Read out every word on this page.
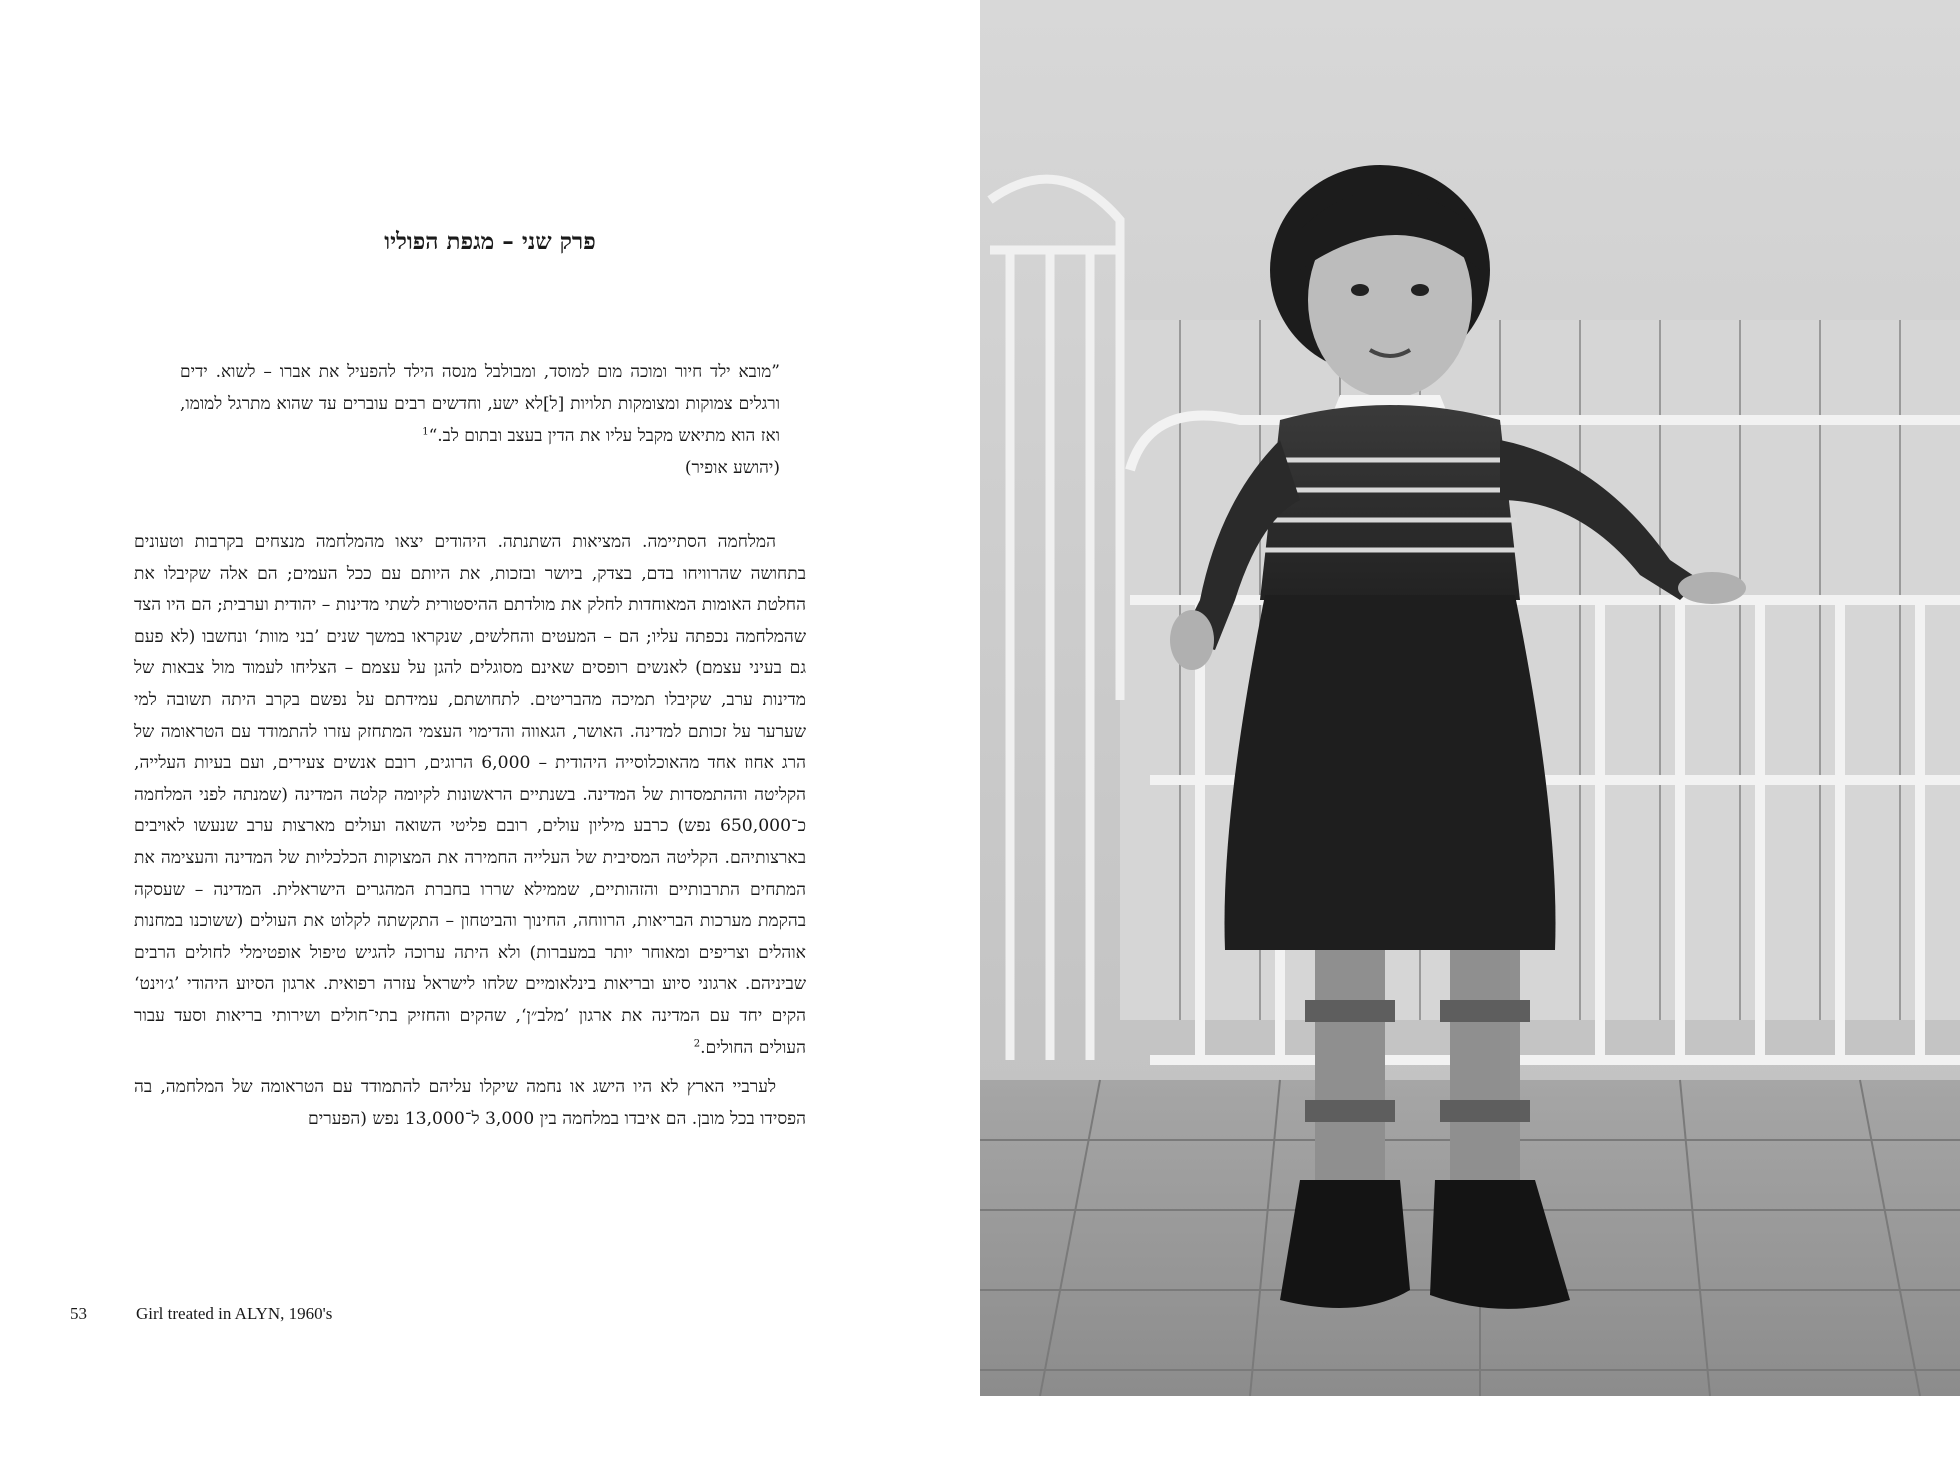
פרק שני – מגפת הפוליו

”מובא ילד חיור ומוכה מום למוסד, ומבולבל מנסה הילד להפעיל את אברו – לשוא. ידים ורגלים צמוקות ומצומקות תלויות [ל]לא ישע, וחדשים רבים עוברים עד שהוא מתרגל למומו, ואז הוא מתיאש מקבל עליו את הדין בעצב ובתום לב.“$^1$

(יהושע אופיר)

המלחמה הסתיימה. המציאות השתנתה. היהודים יצאו מהמלחמה מנצחים בקרבות וטעונים בתחושה שהרוויחו בדם, בצדק, ביושר ובזכות, את היותם עם ככל העמים; הם אלה שקיבלו את החלטת האומות המאוחדות לחלק את מולדתם ההיסטורית לשתי מדינות – יהודית וערבית; הם היו הצד שהמלחמה נכפתה עליו; הם – המעטים והחלשים, שנקראו במשך שנים ’בני מוות‘ ונחשבו (לא פעם גם בעיני עצמם) לאנשים רופסים שאינם מסוגלים להגן על עצמם – הצליחו לעמוד מול צבאות של מדינות ערב, שקיבלו תמיכה מהבריטים. לתחושתם, עמידתם על נפשם בקרב היתה תשובה למי שערער על זכותם למדינה. האושר, הגאווה והדימוי העצמי המתחזק עזרו להתמודד עם הטראומה של הרג אחוז אחד מהאוכלוסייה היהודית – 6,000 הרוגים, רובם אנשים צעירים, ועם בעיות העלייה, הקליטה וההתמסדות של המדינה. בשנתיים הראשונות לקיומה קלטה המדינה (שמנתה לפני המלחמה כ־650,000 נפש) כרבע מיליון עולים, רובם פליטי השואה ועולים מארצות ערב שנעשו לאויבים בארצותיהם. הקליטה המסיבית של העלייה החמירה את המצוקות הכלכליות של המדינה והעצימה את המתחים התרבותיים והזהותיים, שממילא שררו בחברת המהגרים הישראלית. המדינה – שעסקה בהקמת מערכות הבריאות, הרווחה, החינוך והביטחון – התקשתה לקלוט את העולים (ששוכנו במחנות אוהלים וצריפים ומאוחר יותר במעברות) ולא היתה ערוכה להגיש טיפול אופטימלי לחולים הרבים שביניהם. ארגוני סיוע ובריאות בינלאומיים שלחו לישראל עזרה רפואית. ארגון הסיוע היהודי ’ג׳וינט‘ הקים יחד עם המדינה את ארגון ’מלב״ן‘, שהקים והחזיק בתי־חולים ושירותי בריאות וסעד עבור העולים החולים.$^2$

לערביי הארץ לא היו הישג או נחמה שיקלו עליהם להתמודד עם הטראומה של המלחמה, בה הפסידו בכל מובן. הם איבדו במלחמה בין 3,000 ל־13,000 נפש (הפערים

53	Girl treated in ALYN, 1960's
